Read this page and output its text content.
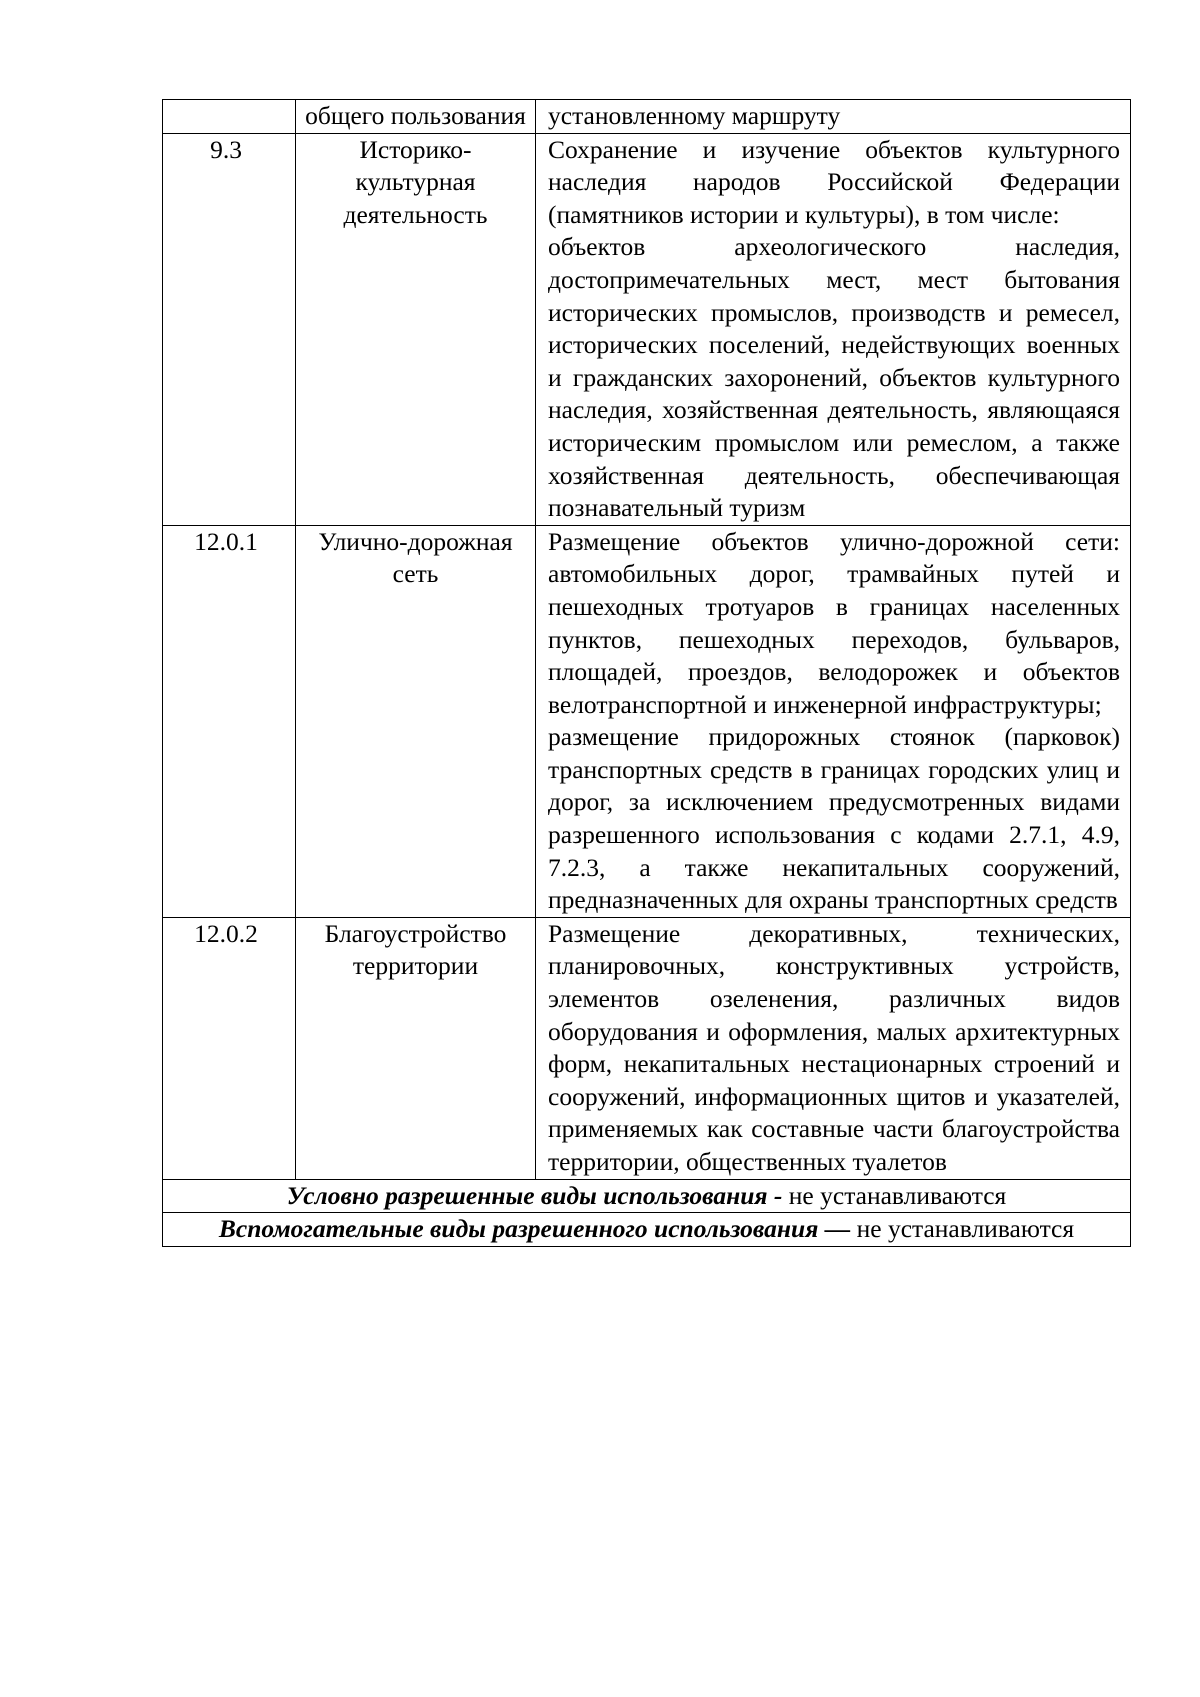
	общего пользования	установленному маршруту

9.3	Историко-культурная деятельность	Сохранение и изучение объектов культурного наследия народов Российской Федерации (памятников истории и культуры), в том числе:

объектов археологического наследия, достопримечательных мест, мест бытования исторических промыслов, производств и ремесел, исторических поселений, недействующих военных и гражданских захоронений, объектов культурного наследия, хозяйственная деятельность, являющаяся историческим промыслом или ремеслом, а также хозяйственная деятельность, обеспечивающая познавательный туризм

12.0.1	Улично-дорожная сеть	Размещение объектов улично-дорожной сети: автомобильных дорог, трамвайных путей и пешеходных тротуаров в границах населенных пунктов, пешеходных переходов, бульваров, площадей, проездов, велодорожек и объектов велотранспортной и инженерной инфраструктуры;

размещение придорожных стоянок (парковок) транспортных средств в границах городских улиц и дорог, за исключением предусмотренных видами разрешенного использования с кодами 2.7.1, 4.9, 7.2.3, а также некапитальных сооружений, предназначенных для охраны транспортных средств

12.0.2	Благоустройство территории	Размещение декоративных, технических, планировочных, конструктивных устройств, элементов озеленения, различных видов оборудования и оформления, малых архитектурных форм, некапитальных нестационарных строений и сооружений, информационных щитов и указателей, применяемых как составные части благоустройства территории, общественных туалетов

Условно разрешенные виды использования - не устанавливаются		
Вспомогательные виды разрешенного использования — не устанавливаются		
